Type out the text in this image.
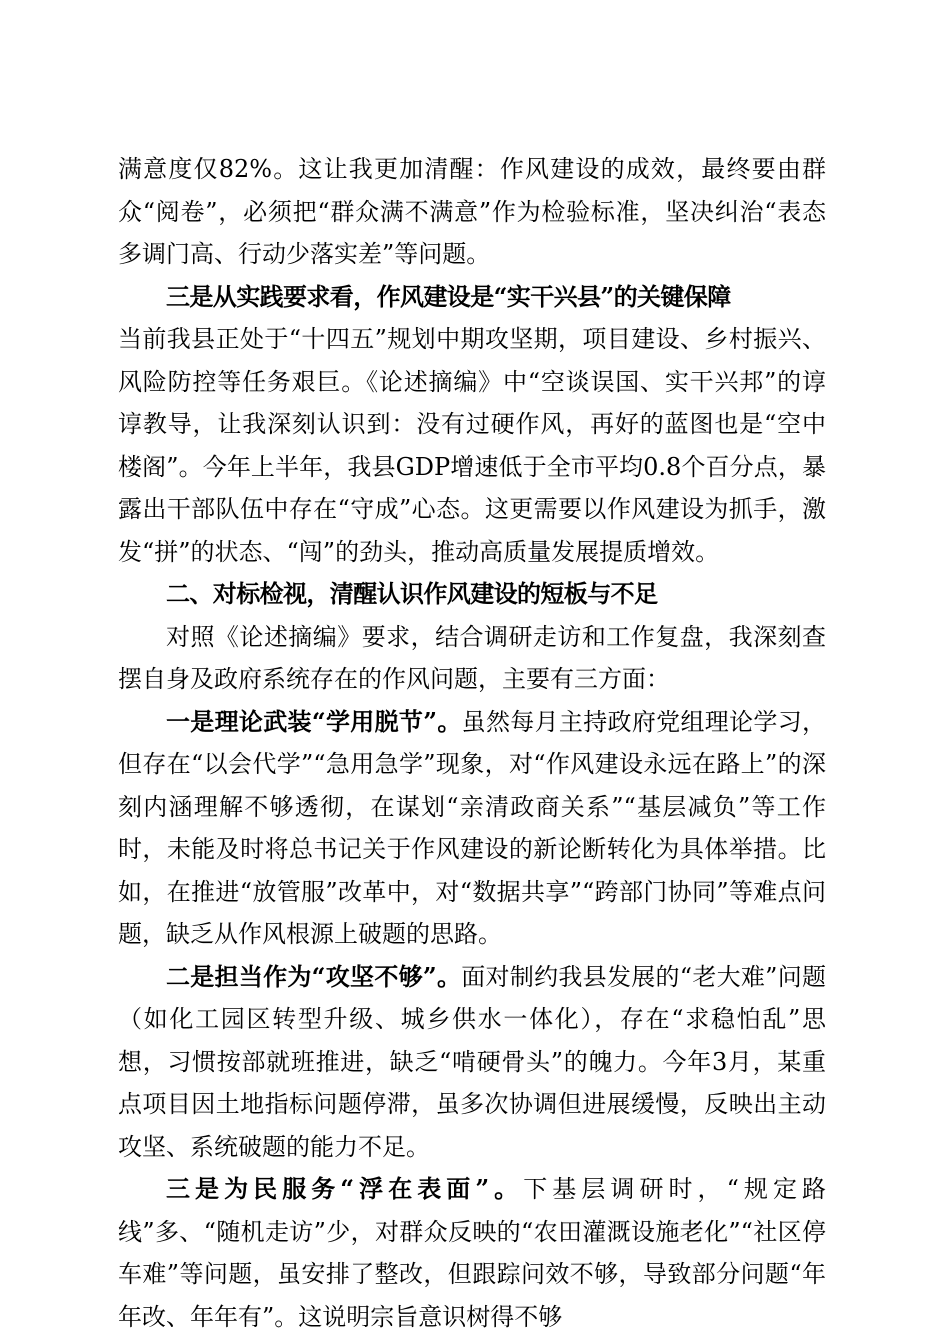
满意度仅82%。这让我更加清醒：作风建设的成效，最终要由群众“阅卷”，必须把“群众满不满意”作为检验标准，坚决纠治“表态多调门高、行动少落实差”等问题。

三是从实践要求看，作风建设是“实干兴县”的关键保障

当前我县正处于“十四五”规划中期攻坚期，项目建设、乡村振兴、风险防控等任务艰巨。《论述摘编》中“空谈误国、实干兴邦”的谆谆教导，让我深刻认识到：没有过硬作风，再好的蓝图也是“空中楼阁”。今年上半年，我县GDP增速低于全市平均0.8个百分点，暴露出干部队伍中存在“守成”心态。这更需要以作风建设为抓手，激发“拼”的状态、“闯”的劲头，推动高质量发展提质增效。

二、对标检视，清醒认识作风建设的短板与不足

对照《论述摘编》要求，结合调研走访和工作复盘，我深刻查摆自身及政府系统存在的作风问题，主要有三方面：

一是理论武装“学用脱节”。虽然每月主持政府党组理论学习，但存在“以会代学”“急用急学”现象，对“作风建设永远在路上”的深刻内涵理解不够透彻，在谋划“亲清政商关系”“基层减负”等工作时，未能及时将总书记关于作风建设的新论断转化为具体举措。比如，在推进“放管服”改革中，对“数据共享”“跨部门协同”等难点问题，缺乏从作风根源上破题的思路。

二是担当作为“攻坚不够”。面对制约我县发展的“老大难”问题（如化工园区转型升级、城乡供水一体化），存在“求稳怕乱”思想，习惯按部就班推进，缺乏“啃硬骨头”的魄力。今年3月，某重点项目因土地指标问题停滞，虽多次协调但进展缓慢，反映出主动攻坚、系统破题的能力不足。

三是为民服务“浮在表面”。下基层调研时，“规定路线”多、“随机走访”少，对群众反映的“农田灌溉设施老化”“社区停车难”等问题，虽安排了整改，但跟踪问效不够，导致部分问题“年年改、年年有”。这说明宗旨意识树得不够
